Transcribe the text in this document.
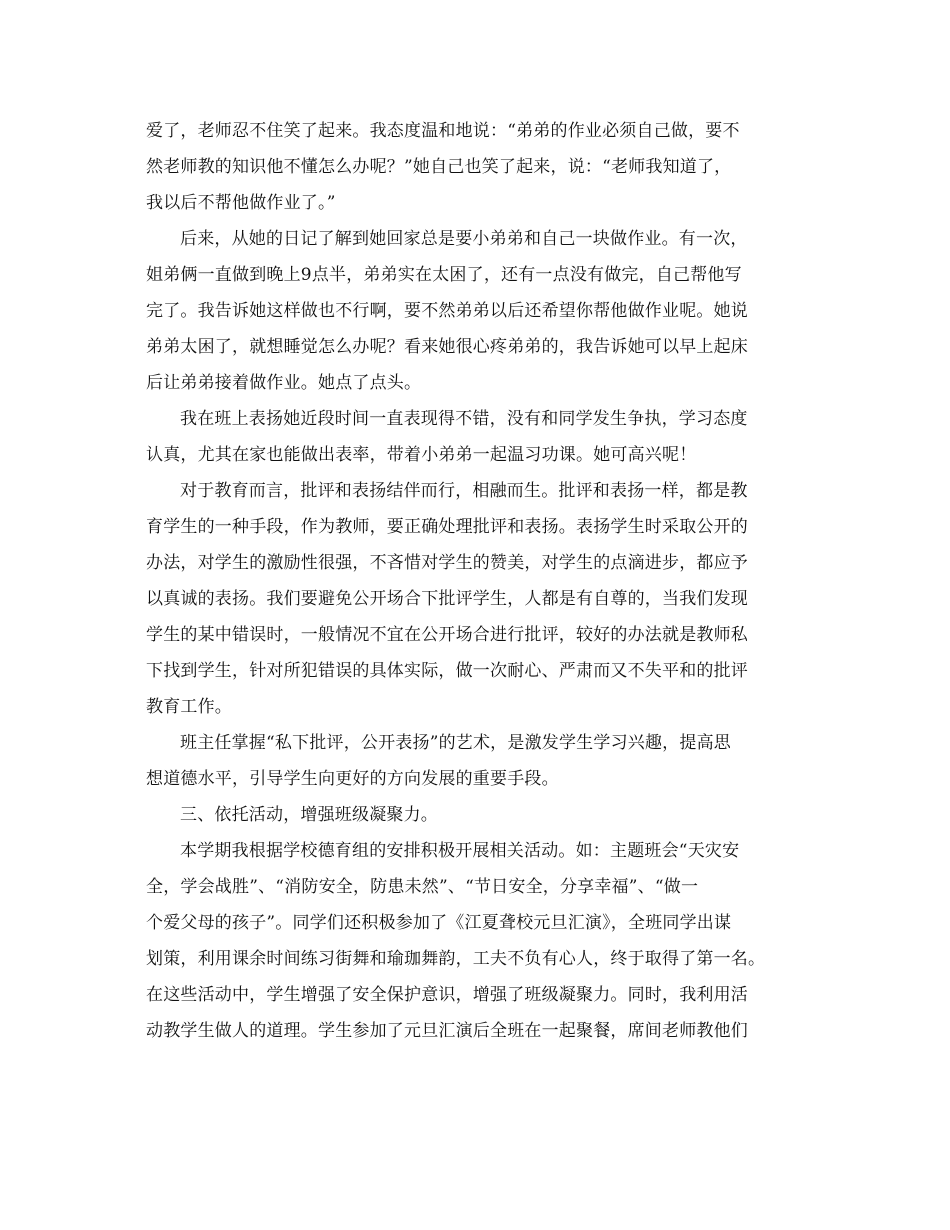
爱了，老师忍不住笑了起来。我态度温和地说：“弟弟的作业必须自己做，要不
然老师教的知识他不懂怎么办呢？”她自己也笑了起来，说：“老师我知道了，
我以后不帮他做作业了。”
后来，从她的日记了解到她回家总是要小弟弟和自己一块做作业。有一次，
姐弟俩一直做到晚上9点半，弟弟实在太困了，还有一点没有做完，自己帮他写
完了。我告诉她这样做也不行啊，要不然弟弟以后还希望你帮他做作业呢。她说
弟弟太困了，就想睡觉怎么办呢？看来她很心疼弟弟的，我告诉她可以早上起床
后让弟弟接着做作业。她点了点头。
我在班上表扬她近段时间一直表现得不错，没有和同学发生争执，学习态度
认真，尤其在家也能做出表率，带着小弟弟一起温习功课。她可高兴呢！
对于教育而言，批评和表扬结伴而行，相融而生。批评和表扬一样，都是教
育学生的一种手段，作为教师，要正确处理批评和表扬。表扬学生时采取公开的
办法，对学生的激励性很强，不吝惜对学生的赞美，对学生的点滴进步，都应予
以真诚的表扬。我们要避免公开场合下批评学生，人都是有自尊的，当我们发现
学生的某中错误时，一般情况不宜在公开场合进行批评，较好的办法就是教师私
下找到学生，针对所犯错误的具体实际，做一次耐心、严肃而又不失平和的批评
教育工作。
班主任掌握“私下批评，公开表扬”的艺术，是激发学生学习兴趣，提高思
想道德水平，引导学生向更好的方向发展的重要手段。
三、依托活动，增强班级凝聚力。
本学期我根据学校德育组的安排积极开展相关活动。如：主题班会“天灾安
全，学会战胜”、“消防安全，防患未然”、“节日安全，分享幸福”、“做一
个爱父母的孩子”。同学们还积极参加了《江夏聋校元旦汇演》，全班同学出谋
划策，利用课余时间练习街舞和瑜珈舞韵，工夫不负有心人，终于取得了第一名。
在这些活动中，学生增强了安全保护意识，增强了班级凝聚力。同时，我利用活
动教学生做人的道理。学生参加了元旦汇演后全班在一起聚餐，席间老师教他们
